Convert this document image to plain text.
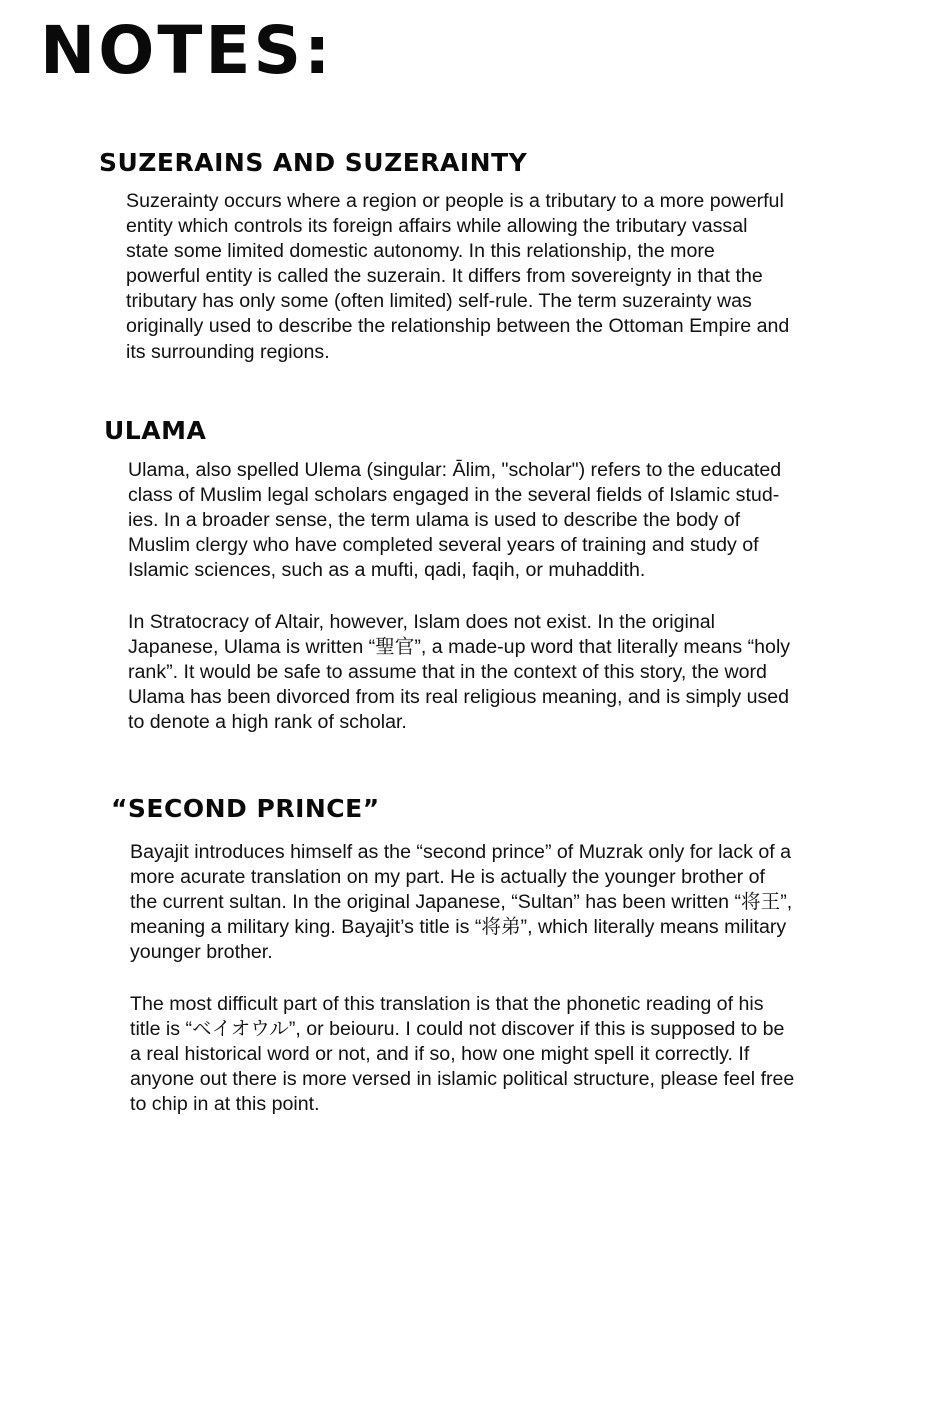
NOTES:
SUZERAINS AND SUZERAINTY

Suzerainty occurs where a region or people is a tributary to a more powerful
entity which controls its foreign affairs while allowing the tributary vassal
state some limited domestic autonomy. In this relationship, the more
powerful entity is called the suzerain. It differs from sovereignty in that the
tributary has only some (often limited) self-rule. The term suzerainty was
originally used to describe the relationship between the Ottoman Empire and
its surrounding regions.

ULAMA

Ulama, also spelled Ulema (singular: Ālim, "scholar") refers to the educated
class of Muslim legal scholars engaged in the several fields of Islamic stud-
ies. In a broader sense, the term ulama is used to describe the body of
Muslim clergy who have completed several years of training and study of
Islamic sciences, such as a mufti, qadi, faqih, or muhaddith.

In Stratocracy of Altair, however, Islam does not exist. In the original
Japanese, Ulama is written “聖官”, a made-up word that literally means “holy
rank”. It would be safe to assume that in the context of this story, the word
Ulama has been divorced from its real religious meaning, and is simply used
to denote a high rank of scholar.

“SECOND PRINCE”

Bayajit introduces himself as the “second prince” of Muzrak only for lack of a
more acurate translation on my part. He is actually the younger brother of
the current sultan. In the original Japanese, “Sultan” has been written “将王”,
meaning a military king. Bayajit’s title is “将弟”, which literally means military
younger brother.

The most difficult part of this translation is that the phonetic reading of his
title is “ベイオウル”, or beiouru. I could not discover if this is supposed to be
a real historical word or not, and if so, how one might spell it correctly. If
anyone out there is more versed in islamic political structure, please feel free
to chip in at this point.
